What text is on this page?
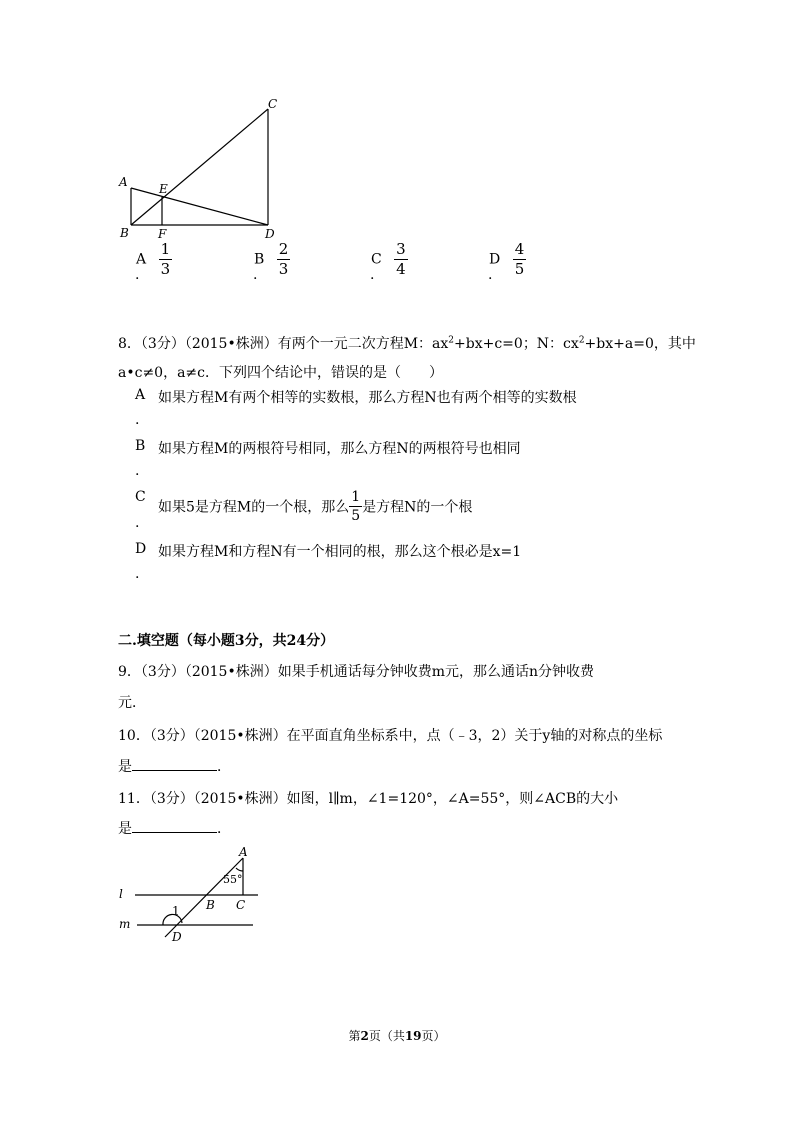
C
A	E
B F	D
A $\frac{1}{3}$	B $\frac{2}{3}$	C $\frac{3}{4}$	D $\frac{4}{5}$
.	.	.	.
8．（3分）（2015•株洲）有两个一元二次方程M：$ax^2+bx+c=0$；N：$cx^2+bx+a=0$，其中
a•c≠0，a≠c．下列四个结论中，错误的是（　　）
A 如果方程M有两个相等的实数根，那么方程N也有两个相等的实数根
.
B 如果方程M的两根符号相同，那么方程N的两根符号也相同
.
C
如果5是方程M的一个根，那么 $\frac{1}{5}$ 是方程N的一个根
.
D 如果方程M和方程N有一个相同的根，那么这个根必是x=1
.
二.填空题（每小题3分，共24分）
9．（3分）（2015•株洲）如果手机通话每分钟收费m元，那么通话n分钟收费
元．
10．（3分）（2015•株洲）在平面直角坐标系中，点（﹣3，2）关于y轴的对称点的坐标
是	．
11．（3分）（2015•株洲）如图，l∥m，∠1=120°，∠A=55°，则∠ACB的大小
是	．
A
55°
l
m
B C
1
D
第2页（共19页）
